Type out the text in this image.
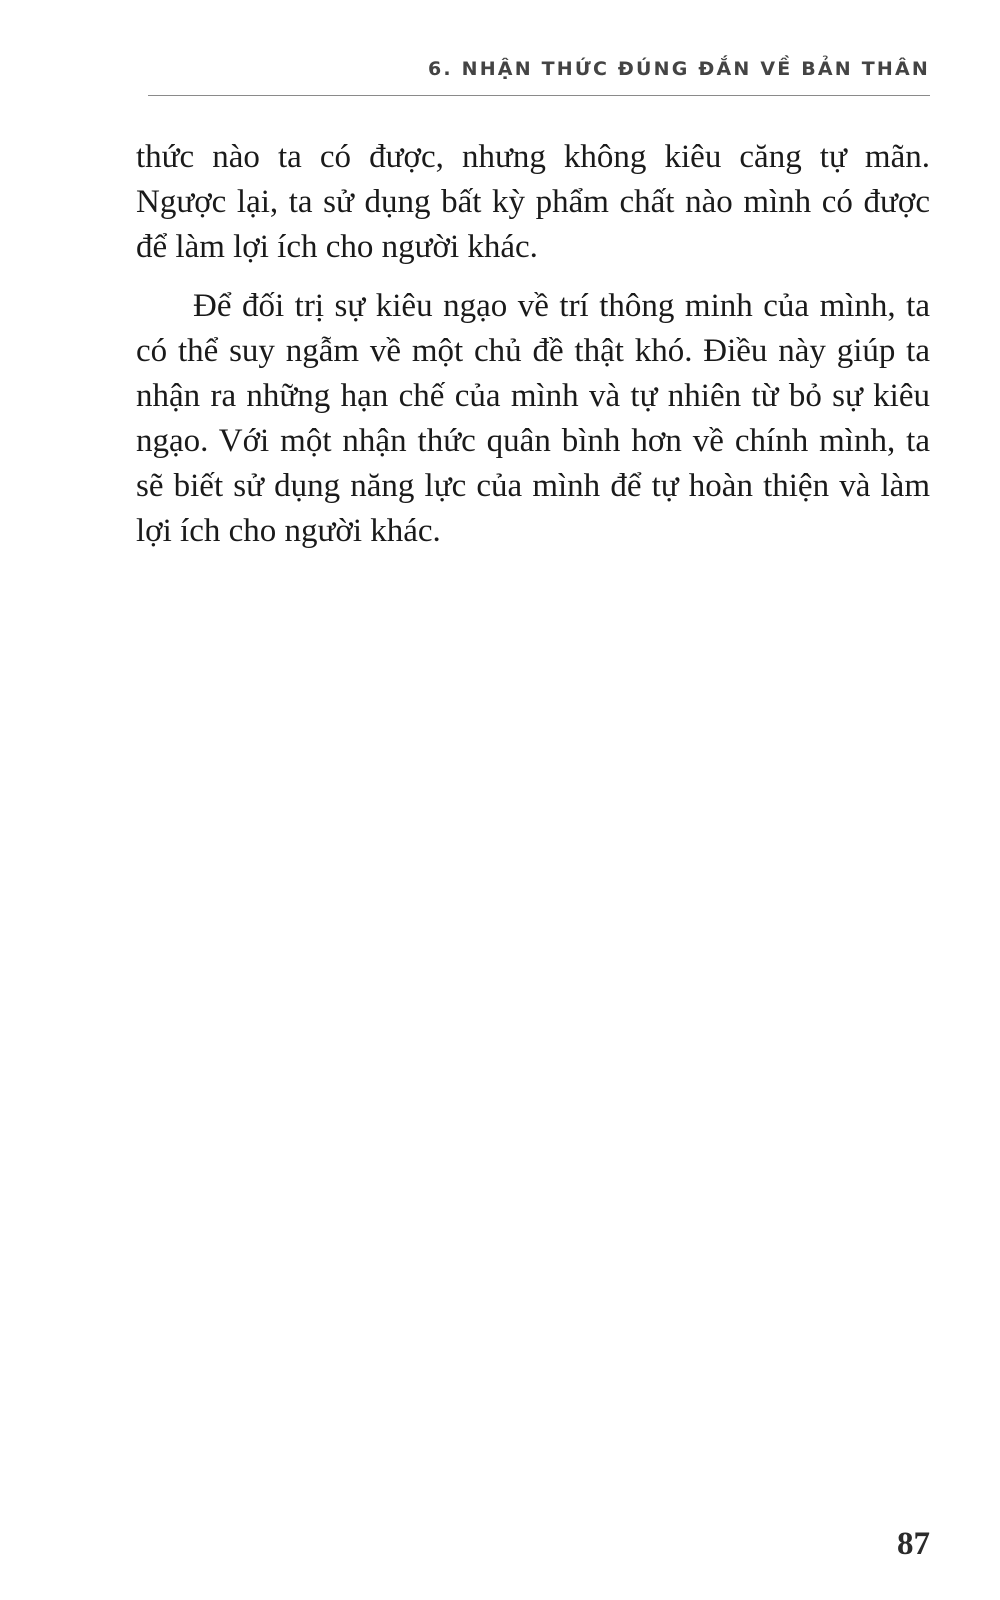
6. NHẬN THỨC ĐÚNG ĐẮN VỀ BẢN THÂN

thức nào ta có được, nhưng không kiêu căng tự mãn. Ngược lại, ta sử dụng bất kỳ phẩm chất nào mình có được để làm lợi ích cho người khác.

Để đối trị sự kiêu ngạo về trí thông minh của mình, ta có thể suy ngẫm về một chủ đề thật khó. Điều này giúp ta nhận ra những hạn chế của mình và tự nhiên từ bỏ sự kiêu ngạo. Với một nhận thức quân bình hơn về chính mình, ta sẽ biết sử dụng năng lực của mình để tự hoàn thiện và làm lợi ích cho người khác.

87
